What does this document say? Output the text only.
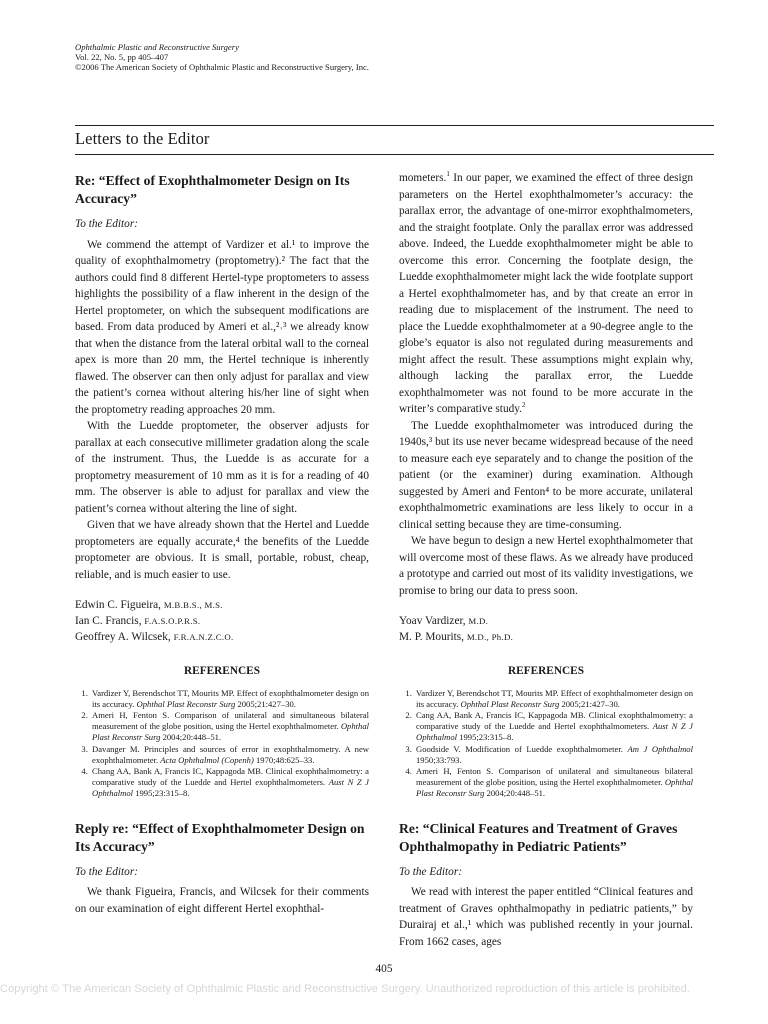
Ophthalmic Plastic and Reconstructive Surgery
Vol. 22, No. 5, pp 405–407
©2006 The American Society of Ophthalmic Plastic and Reconstructive Surgery, Inc.
Letters to the Editor
Re: “Effect of Exophthalmometer Design on Its Accuracy”
To the Editor:

We commend the attempt of Vardizer et al.¹ to improve the quality of exophthalmometry (proptometry).² The fact that the authors could find 8 different Hertel-type proptometers to assess highlights the possibility of a flaw inherent in the design of the Hertel proptometer, on which the subsequent modifications are based. From data produced by Ameri et al.,²˒³ we already know that when the distance from the lateral orbital wall to the corneal apex is more than 20 mm, the Hertel technique is inherently flawed. The observer can then only adjust for parallax and view the patient’s cornea without altering his/her line of sight when the proptometry reading approaches 20 mm.

With the Luedde proptometer, the observer adjusts for parallax at each consecutive millimeter gradation along the scale of the instrument. Thus, the Luedde is as accurate for a proptometry measurement of 10 mm as it is for a reading of 40 mm. The observer is able to adjust for parallax and view the patient’s cornea without altering the line of sight.

Given that we have already shown that the Hertel and Luedde proptometers are equally accurate,⁴ the benefits of the Luedde proptometer are obvious. It is small, portable, robust, cheap, reliable, and is much easier to use.

Edwin C. Figueira, M.B.B.S., M.S.
Ian C. Francis, F.A.S.O.P.R.S.
Geoffrey A. Wilcsek, F.R.A.N.Z.C.O.
REFERENCES
1. Vardizer Y, Berendschot TT, Mourits MP. Effect of exophthalmometer design on its accuracy. Ophthal Plast Reconstr Surg 2005;21:427–30.
2. Ameri H, Fenton S. Comparison of unilateral and simultaneous bilateral measurement of the globe position, using the Hertel exophthalmometer. Ophthal Plast Reconstr Surg 2004;20:448–51.
3. Davanger M. Principles and sources of error in exophthalmometry. A new exophthalmometer. Acta Ophthalmol (Copenh) 1970;48:625–33.
4. Chang AA, Bank A, Francis IC, Kappagoda MB. Clinical exophthalmometry: a comparative study of the Luedde and Hertel exophthalmometers. Aust N Z J Ophthalmol 1995;23:315–8.
Reply re: “Effect of Exophthalmometer Design on Its Accuracy”
To the Editor:

We thank Figueira, Francis, and Wilcsek for their comments on our examination of eight different Hertel exophthal-

mometers.$^1$ In our paper, we examined the effect of three design parameters on the Hertel exophthalmometer’s accuracy: the parallax error, the advantage of one-mirror exophthalmometers, and the straight footplate. Only the parallax error was addressed above. Indeed, the Luedde exophthalmometer might be able to overcome this error. Concerning the footplate design, the Luedde exophthalmometer might lack the wide footplate support a Hertel exophthalmometer has, and by that create an error in reading due to misplacement of the instrument. The need to place the Luedde exophthalmometer at a 90-degree angle to the globe’s equator is also not regulated during measurements and might affect the result. These assumptions might explain why, although lacking the parallax error, the Luedde exophthalmometer was not found to be more accurate in the writer’s comparative study.$^2$

The Luedde exophthalmometer was introduced during the 1940s,³ but its use never became widespread because of the need to measure each eye separately and to change the position of the patient (or the examiner) during examination. Although suggested by Ameri and Fenton⁴ to be more accurate, unilateral exophthalmometric examinations are less likely to occur in a clinical setting because they are time-consuming.

We have begun to design a new Hertel exophthalmometer that will overcome most of these flaws. As we already have produced a prototype and carried out most of its validity investigations, we promise to bring our data to press soon.

Yoav Vardizer, M.D.
M. P. Mourits, M.D., Ph.D.
REFERENCES
1. Vardizer Y, Berendschot TT, Mourits MP. Effect of exophthalmometer design on its accuracy. Ophthal Plast Reconstr Surg 2005;21:427–30.
2. Cang AA, Bank A, Francis IC, Kappagoda MB. Clinical exophthalmometry: a comparative study of the Luedde and Hertel exophthalmometers. Aust N Z J Ophthalmol 1995;23:315–8.
3. Goodside V. Modification of Luedde exophthalmometer. Am J Ophthalmol 1950;33:793.
4. Ameri H, Fenton S. Comparison of unilateral and simultaneous bilateral measurement of the globe position, using the Hertel exophthalmometer. Ophthal Plast Reconstr Surg 2004;20:448–51.
Re: “Clinical Features and Treatment of Graves Ophthalmopathy in Pediatric Patients”
To the Editor:

We read with interest the paper entitled “Clinical features and treatment of Graves ophthalmopathy in pediatric patients,” by Durairaj et al.,¹ which was published recently in your journal. From 1662 cases, ages

405
Copyright © The American Society of Ophthalmic Plastic and Reconstructive Surgery. Unauthorized reproduction of this article is prohibited.
